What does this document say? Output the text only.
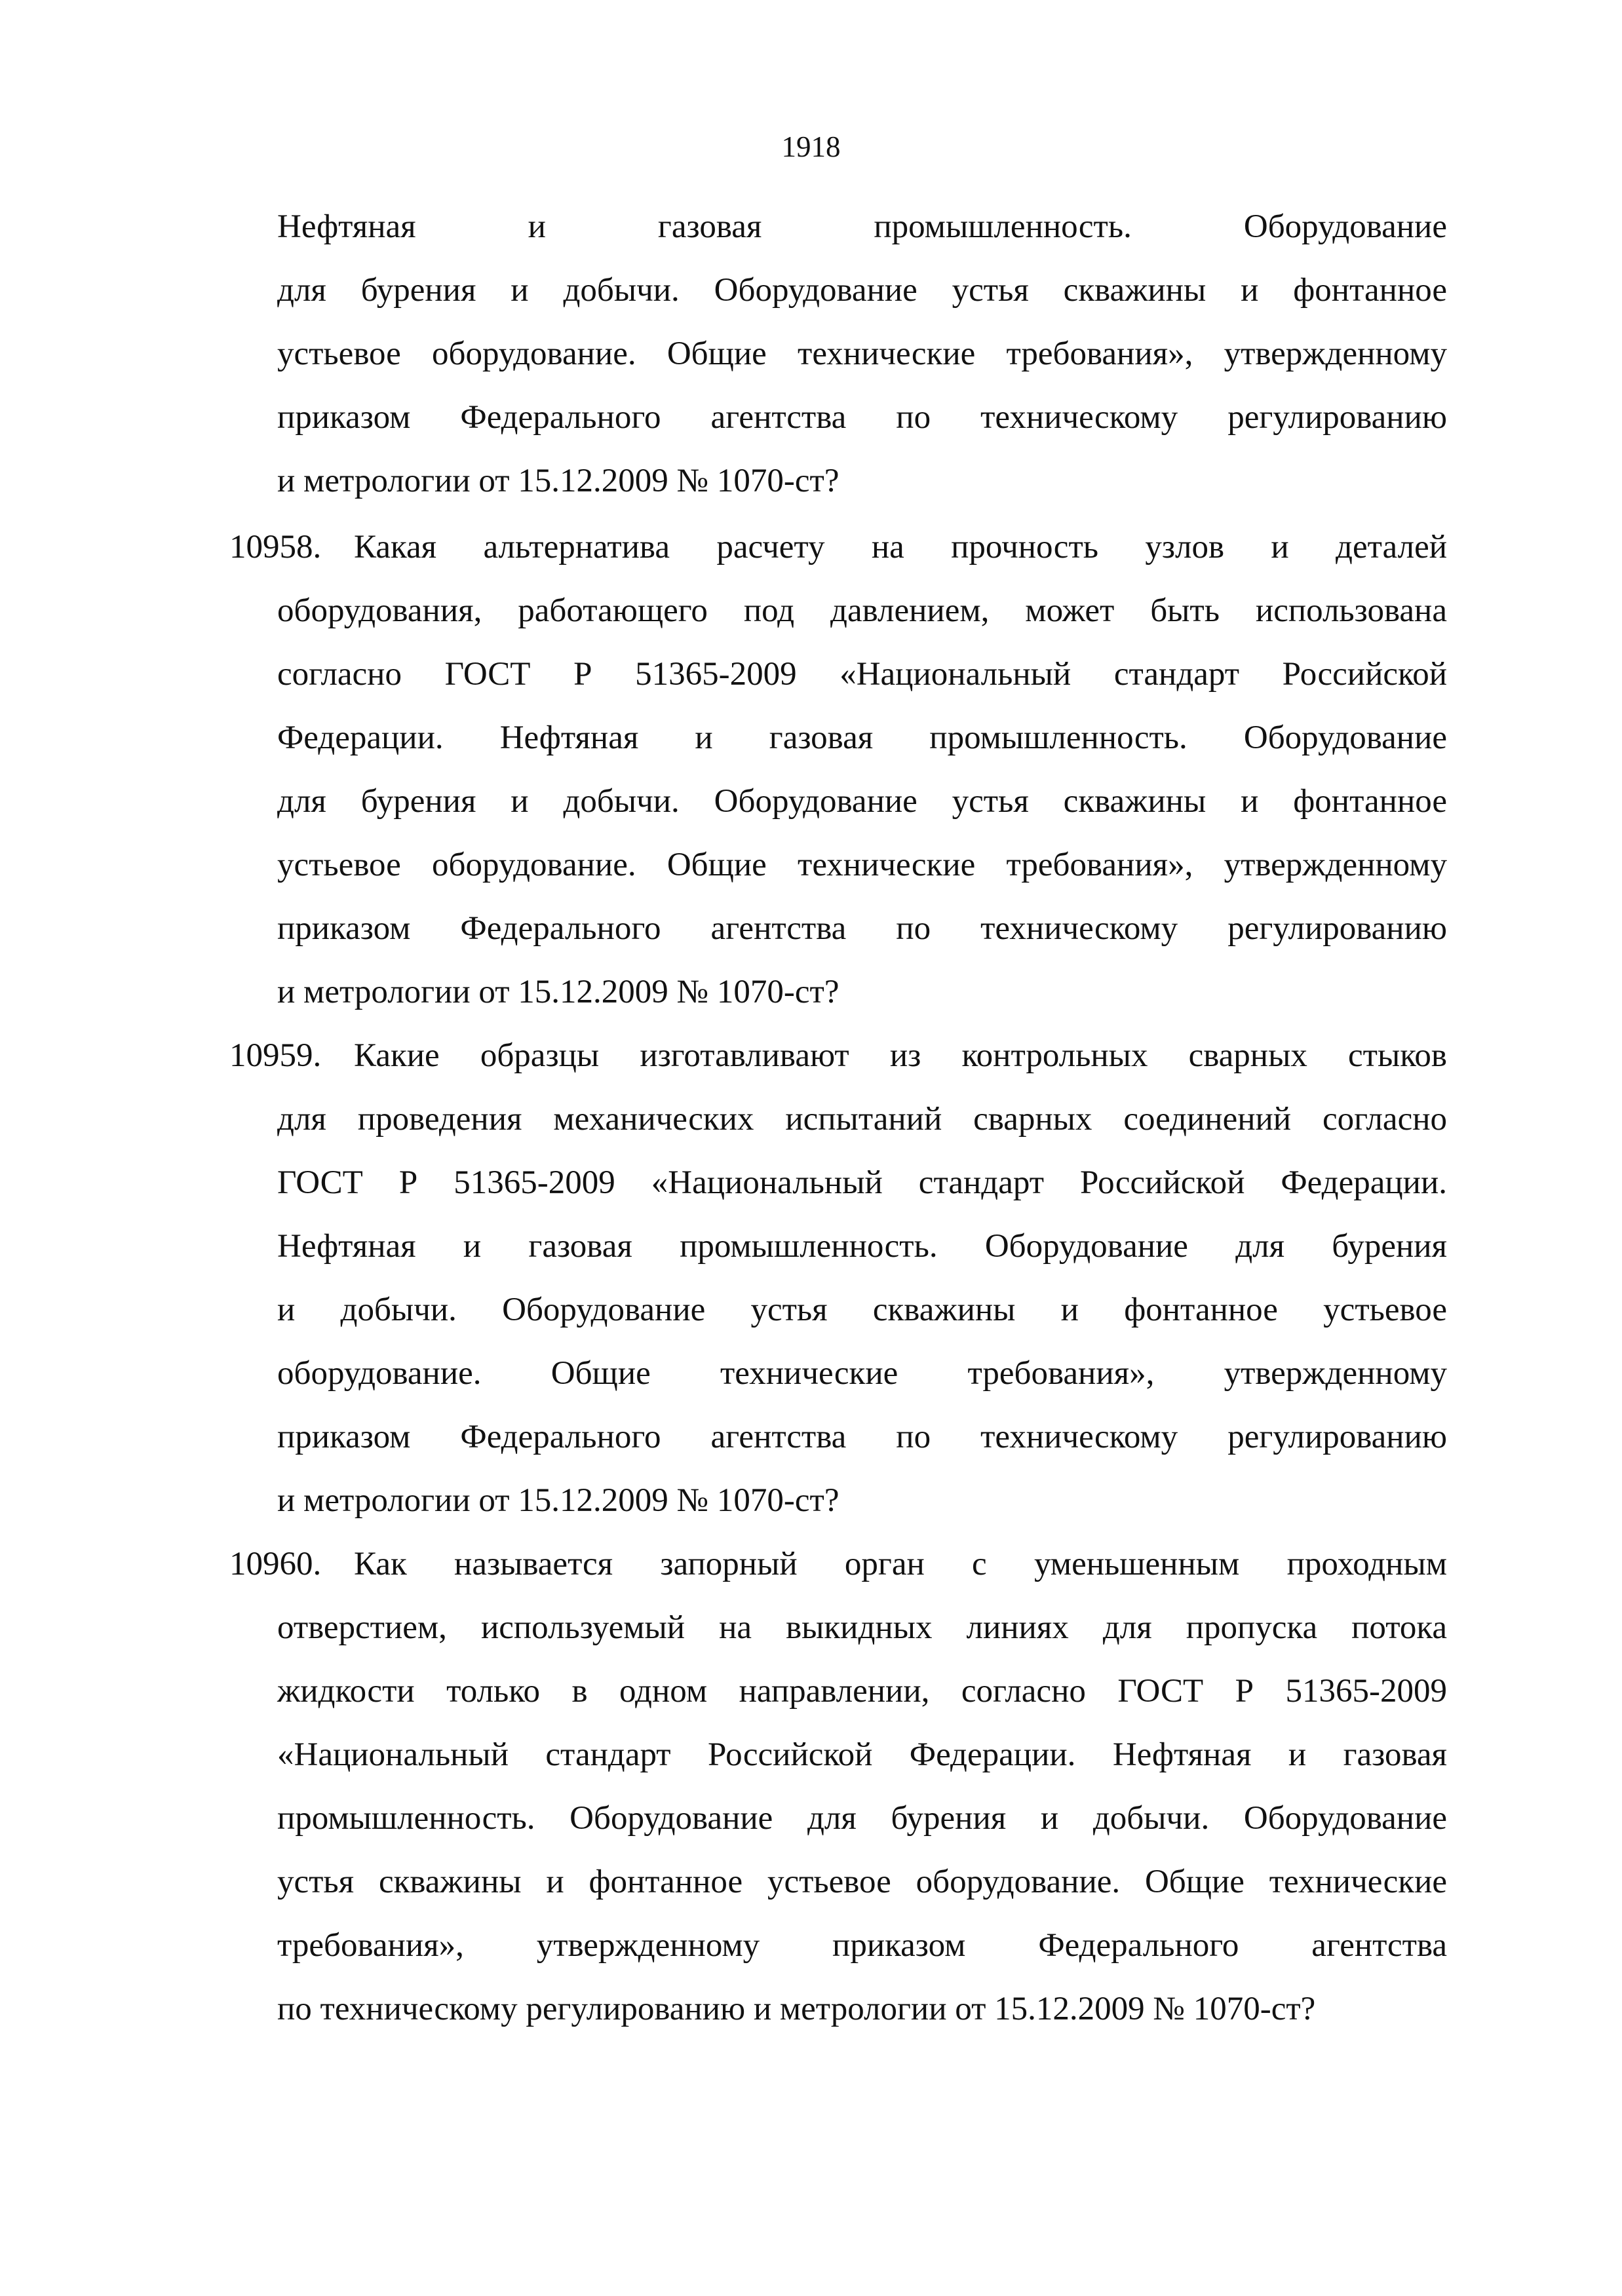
1918
Нефтяная и газовая промышленность. Оборудование
для бурения и добычи. Оборудование устья скважины и фонтанное
устьевое оборудование. Общие технические требования», утвержденному
приказом Федерального агентства по техническому регулированию
и метрологии от 15.12.2009 № 1070-ст?
10958. Какая альтернатива расчету на прочность узлов и деталей
оборудования, работающего под давлением, может быть использована
согласно ГОСТ Р 51365-2009 «Национальный стандарт Российской
Федерации. Нефтяная и газовая промышленность. Оборудование
для бурения и добычи. Оборудование устья скважины и фонтанное
устьевое оборудование. Общие технические требования», утвержденному
приказом Федерального агентства по техническому регулированию
и метрологии от 15.12.2009 № 1070-ст?
10959. Какие образцы изготавливают из контрольных сварных стыков
для проведения механических испытаний сварных соединений согласно
ГОСТ Р 51365-2009 «Национальный стандарт Российской Федерации.
Нефтяная и газовая промышленность. Оборудование для бурения
и добычи. Оборудование устья скважины и фонтанное устьевое
оборудование. Общие технические требования», утвержденному
приказом Федерального агентства по техническому регулированию
и метрологии от 15.12.2009 № 1070-ст?
10960. Как называется запорный орган с уменьшенным проходным
отверстием, используемый на выкидных линиях для пропуска потока
жидкости только в одном направлении, согласно ГОСТ Р 51365-2009
«Национальный стандарт Российской Федерации. Нефтяная и газовая
промышленность. Оборудование для бурения и добычи. Оборудование
устья скважины и фонтанное устьевое оборудование. Общие технические
требования», утвержденному приказом Федерального агентства
по техническому регулированию и метрологии от 15.12.2009 № 1070-ст?
